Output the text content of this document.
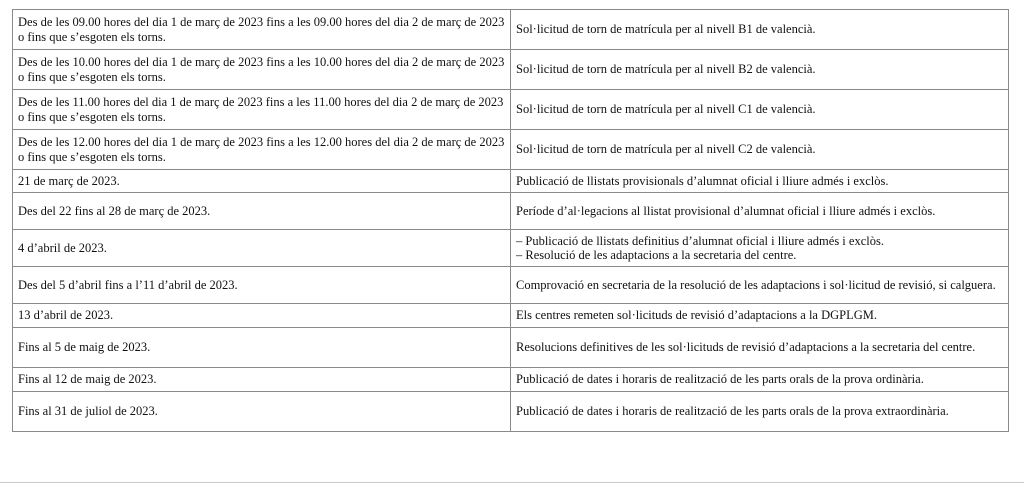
Des de les 09.00 hores del dia 1 de març de 2023 fins a les 09.00 hores del dia 2 de març de 2023 o fins que s’esgoten els torns.	Sol·licitud de torn de matrícula per al nivell B1 de valencià.
Des de les 10.00 hores del dia 1 de març de 2023 fins a les 10.00 hores del dia 2 de març de 2023 o fins que s’esgoten els torns.	Sol·licitud de torn de matrícula per al nivell B2 de valencià.
Des de les 11.00 hores del dia 1 de març de 2023 fins a les 11.00 hores del dia 2 de març de 2023 o fins que s’esgoten els torns.	Sol·licitud de torn de matrícula per al nivell C1 de valencià.
Des de les 12.00 hores del dia 1 de març de 2023 fins a les 12.00 hores del dia 2 de març de 2023 o fins que s’esgoten els torns.	Sol·licitud de torn de matrícula per al nivell C2 de valencià.
21 de març de 2023.	Publicació de llistats provisionals d’alumnat oficial i lliure admés i exclòs.
Des del 22 fins al 28 de març de 2023.	Període d’al·legacions al llistat provisional d’alumnat oficial i lliure admés i exclòs.
4 d’abril de 2023.	– Publicació de llistats definitius d’alumnat oficial i lliure admés i exclòs.
– Resolució de les adaptacions a la secretaria del centre.

Des del 5 d’abril fins a l’11 d’abril de 2023.	Comprovació en secretaria de la resolució de les adaptacions i sol·licitud de revisió, si calguera.
13 d’abril de 2023.	Els centres remeten sol·licituds de revisió d’adaptacions a la DGPLGM.
Fins al 5 de maig de 2023.	Resolucions definitives de les sol·licituds de revisió d’adaptacions a la secretaria del centre.
Fins al 12 de maig de 2023.	Publicació de dates i horaris de realització de les parts orals de la prova ordinària.
Fins al 31 de juliol de 2023.	Publicació de dates i horaris de realització de les parts orals de la prova extraordinària.
